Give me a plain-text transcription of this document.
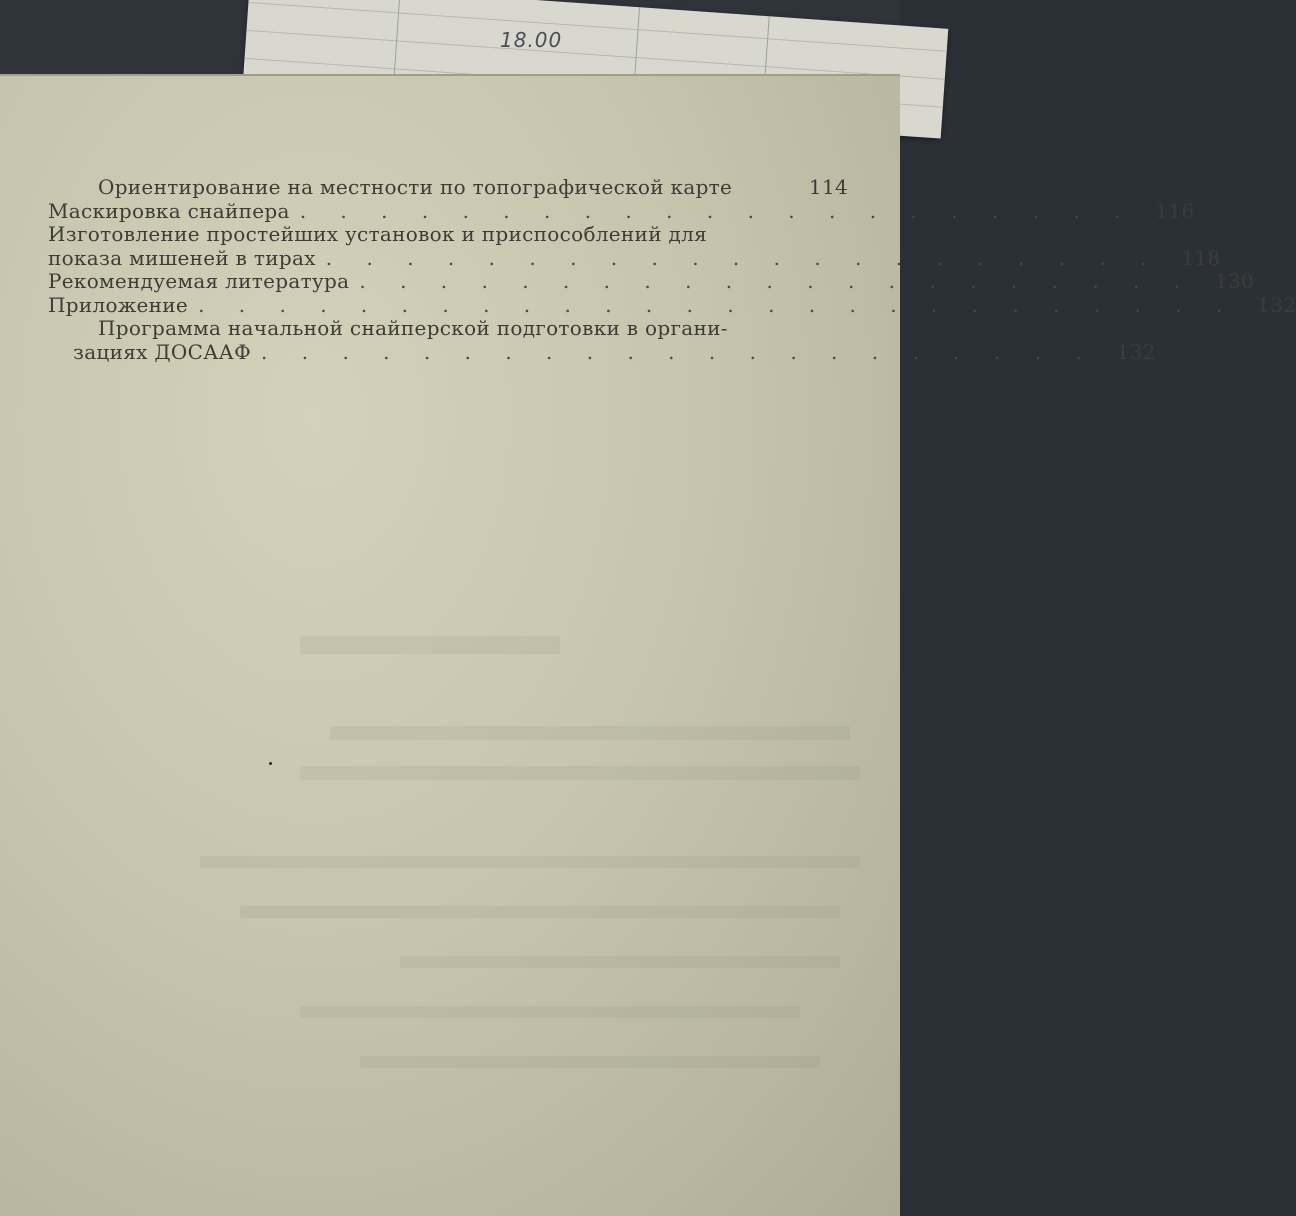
18.00
Ориентирование на местности по топографической карте	114
Маскировка снайпера . . . . . . . . . . . . . . . . . . . . .	116
Изготовление простейших установок и приспособлений для
показа мишеней в тирах . . . . . . . . . . . . . . . . . . . . .	118
Рекомендуемая литература . . . . . . . . . . . . . . . . . . . . .	130
Приложение . . . . . . . . . . . . . . . . . . . . . . . . . .	132
Программа начальной снайперской подготовки в органи-
зациях ДОСААФ . . . . . . . . . . . . . . . . . . . . .	132
